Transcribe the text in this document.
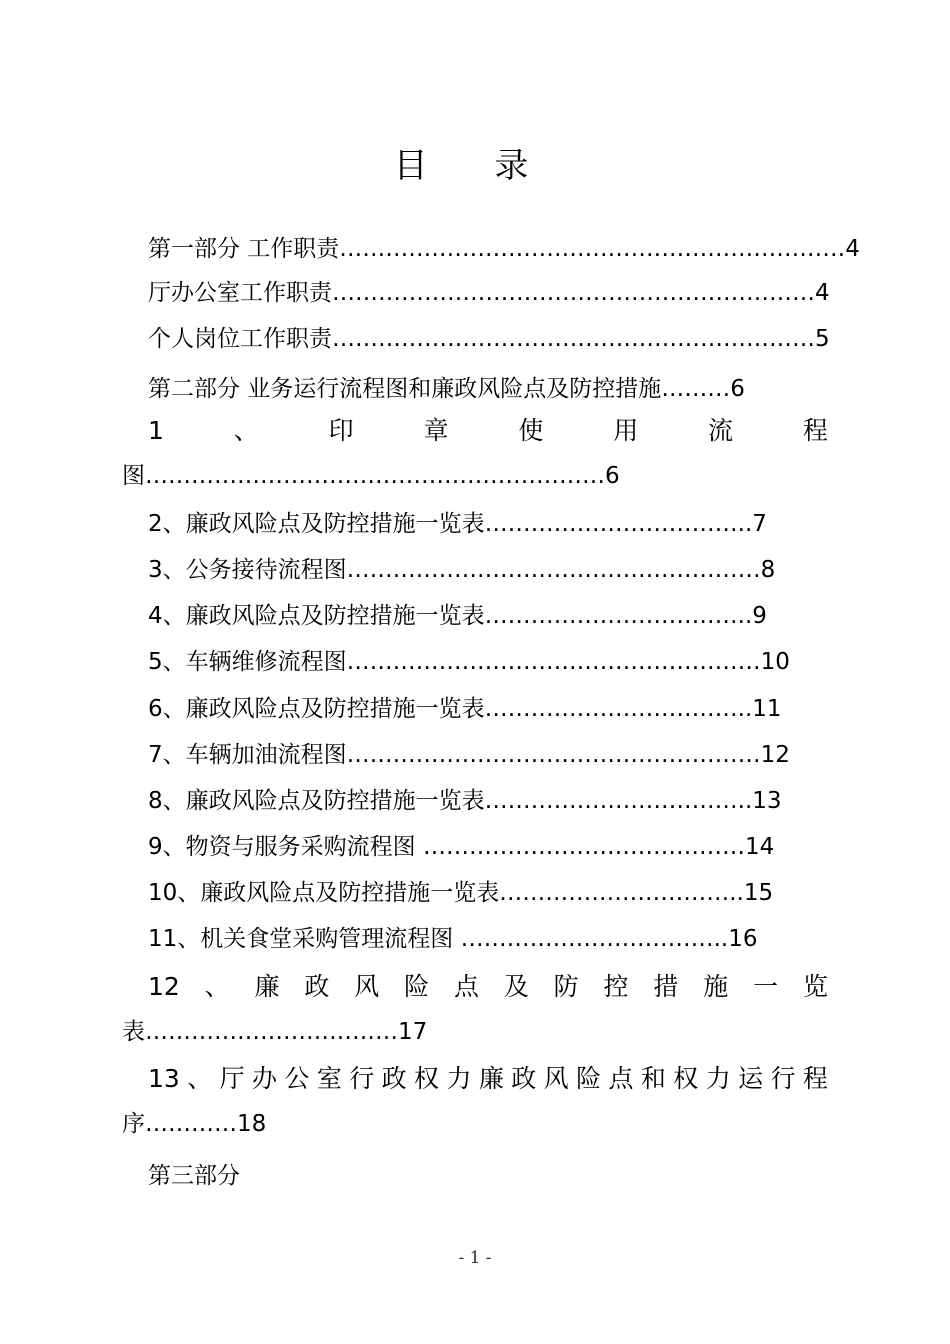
目 录
第一部分 工作职责…………………………………………………………4
厅办公室工作职责………………………………………………………4
个人岗位工作职责………………………………………………………5
第二部分 业务运行流程图和廉政风险点及防控措施………6
1	、	印	章	使	用	流	程
图……………………………………………………6
2、廉政风险点及防控措施一览表……………………………..7
3、公务接待流程图………………………………………………8
4、廉政风险点及防控措施一览表……………………………..9
5、车辆维修流程图………………………………………………10
6、廉政风险点及防控措施一览表……………………………..11
7、车辆加油流程图………………………………………………12
8、廉政风险点及防控措施一览表……………………………..13
9、物资与服务采购流程图 ……………………………………14
10、廉政风险点及防控措施一览表…………………………..15
11、机关食堂采购管理流程图 ……………………………..16
12 、 廉 政 风 险 点 及 防 控 措 施 一 览
表……………………………17
13 、 厅 办 公 室 行 政 权 力 廉 政 风 险 点 和 权 力 运 行 程
序…………18
第三部分
- 1 -
